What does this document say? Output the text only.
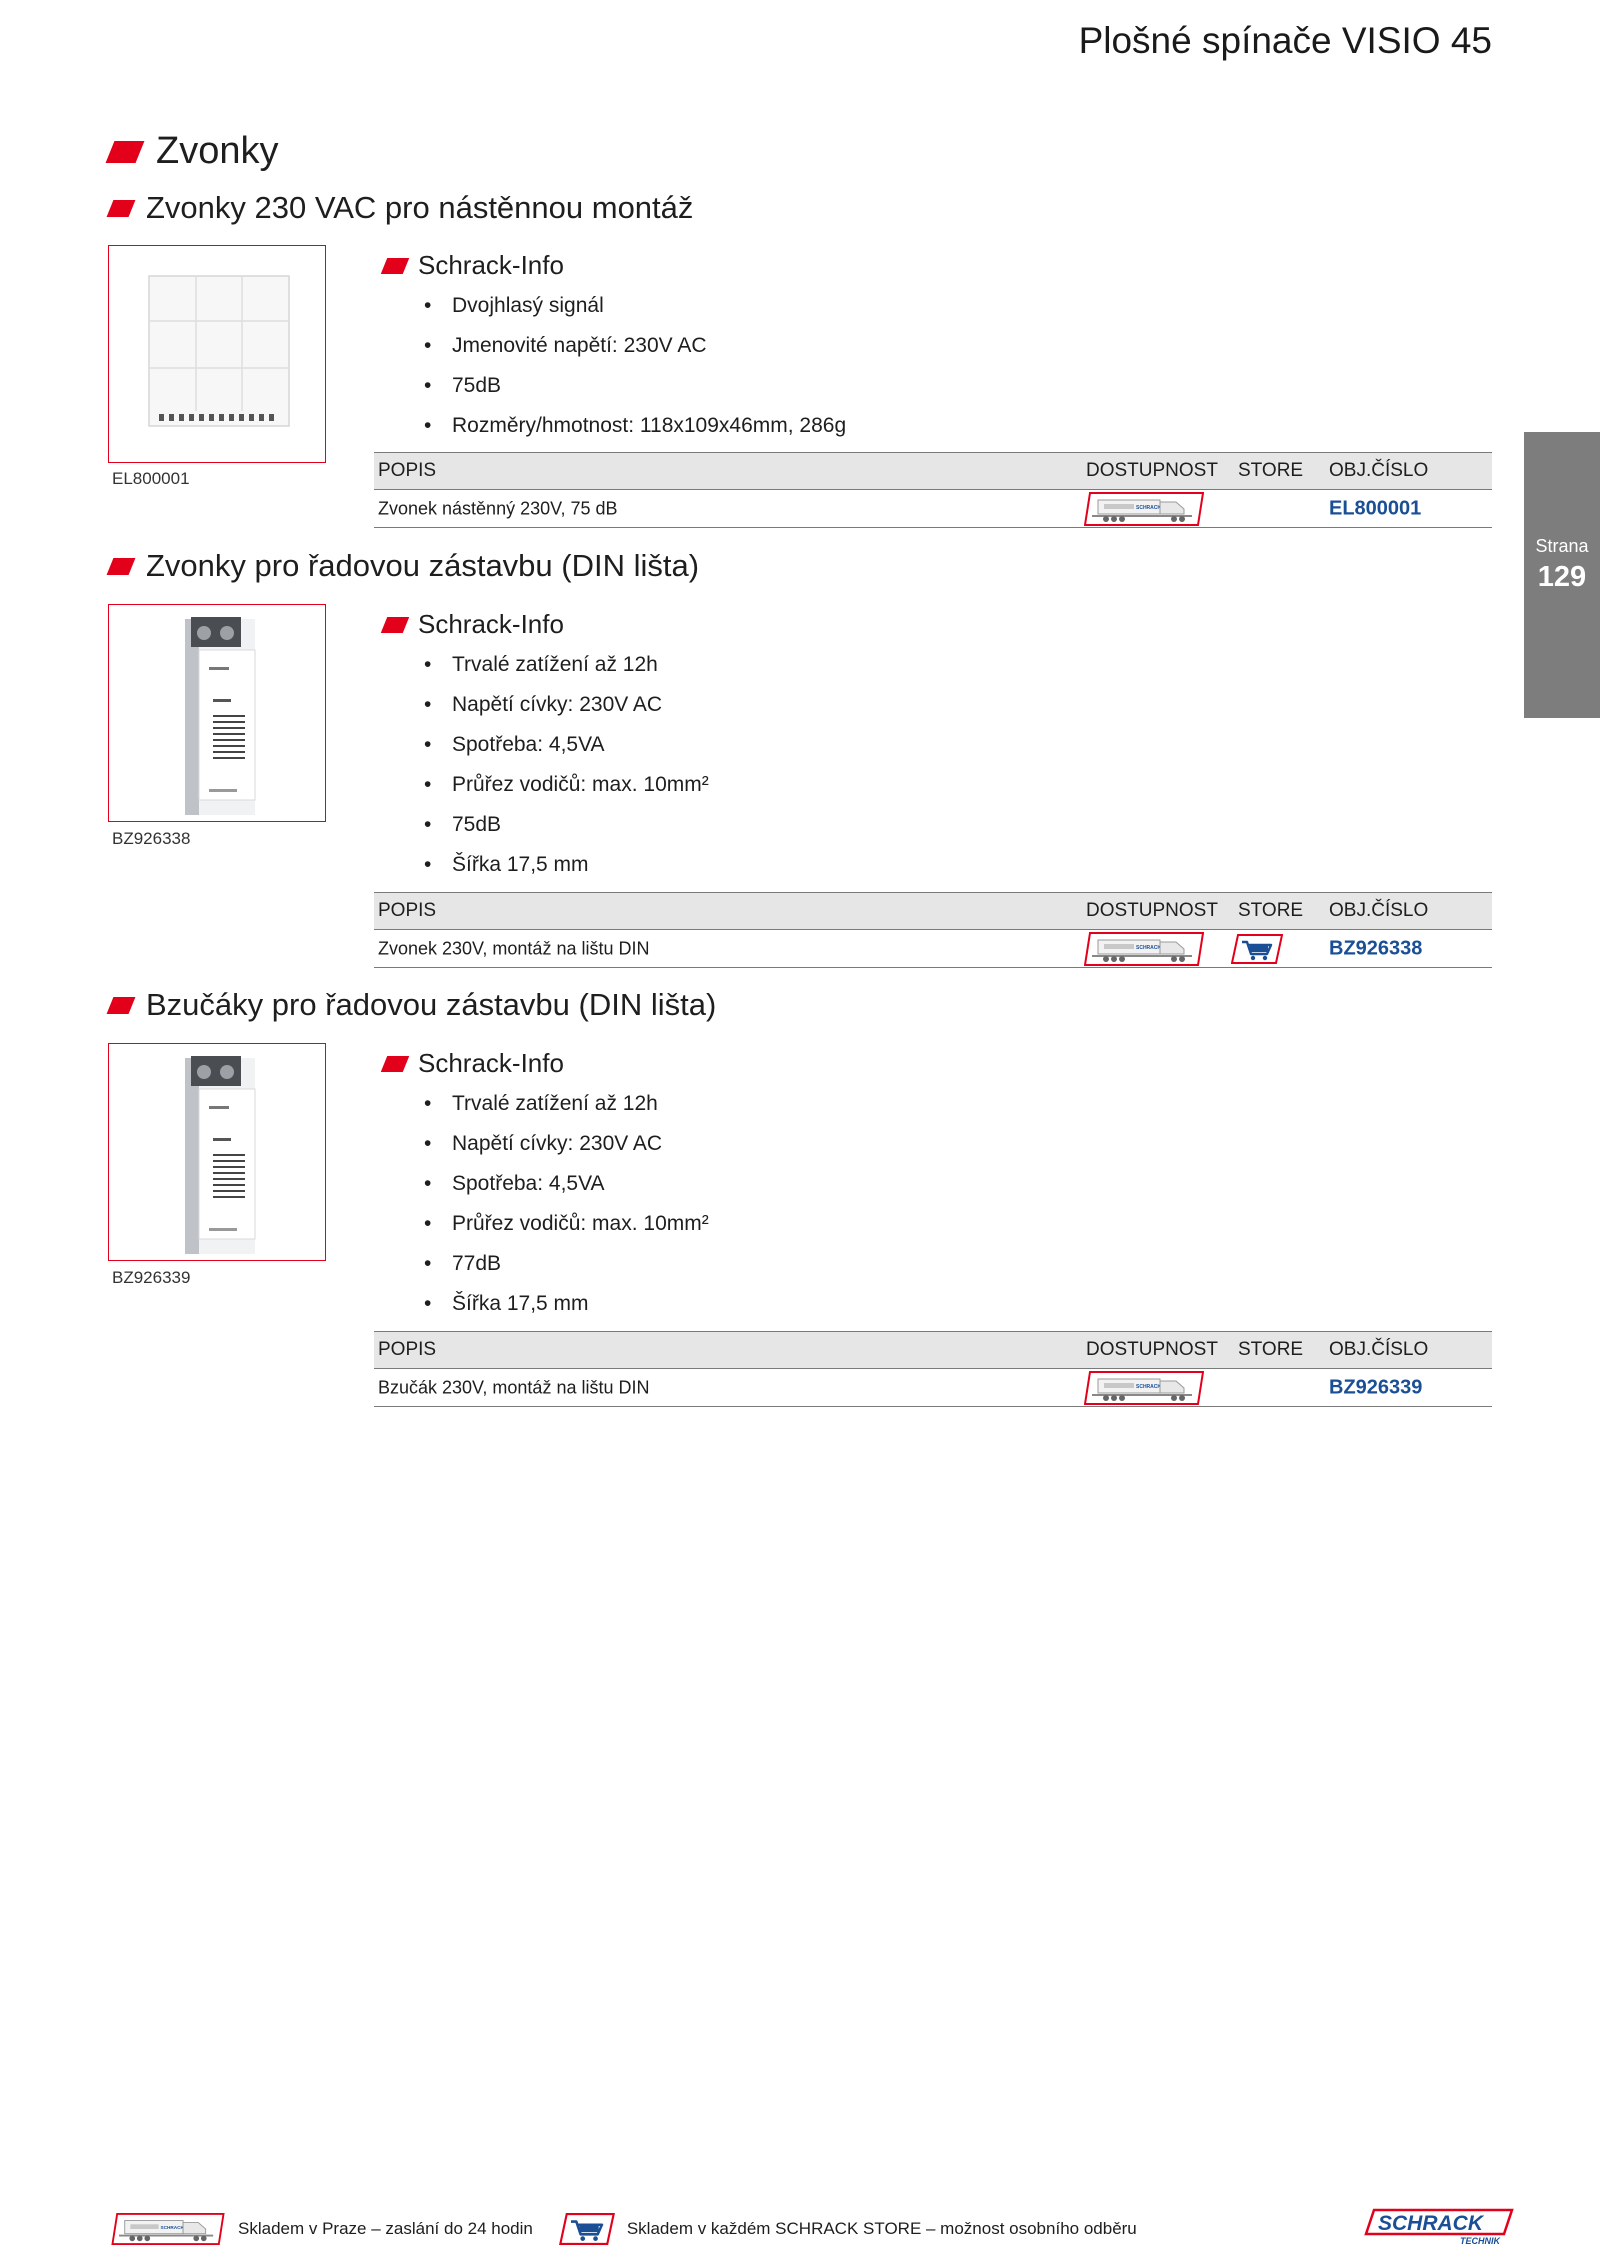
Plošné spínače VISIO 45
Strana
129
Zvonky
Zvonky 230 VAC pro nástěnnou montáž
EL800001
Schrack-Info
• Dvojhlasý signál
• Jmenovité napětí: 230V AC
• 75dB
• Rozměry/hmotnost: 118x109x46mm, 286g
POPIS	DOSTUPNOST STORE OBJ.ČÍSLO
Zvonek nástěnný 230V, 75 dB	EL800001
Zvonky pro řadovou zástavbu (DIN lišta)
BZ926338
Schrack-Info
• Trvalé zatížení až 12h
• Napětí cívky: 230V AC
• Spotřeba: 4,5VA
• Průřez vodičů: max. 10mm²
• 75dB
• Šířka 17,5 mm
POPIS	DOSTUPNOST STORE OBJ.ČÍSLO
Zvonek 230V, montáž na lištu DIN	BZ926338
Bzučáky pro řadovou zástavbu (DIN lišta)
BZ926339
Schrack-Info
• Trvalé zatížení až 12h
• Napětí cívky: 230V AC
• Spotřeba: 4,5VA
• Průřez vodičů: max. 10mm²
• 77dB
• Šířka 17,5 mm
POPIS	DOSTUPNOST STORE OBJ.ČÍSLO
Bzučák 230V, montáž na lištu DIN	BZ926339
Skladem v Praze – zaslání do 24 hodin	Skladem v každém SCHRACK STORE – možnost osobního odběru	SCHRACK
TECHNIK
